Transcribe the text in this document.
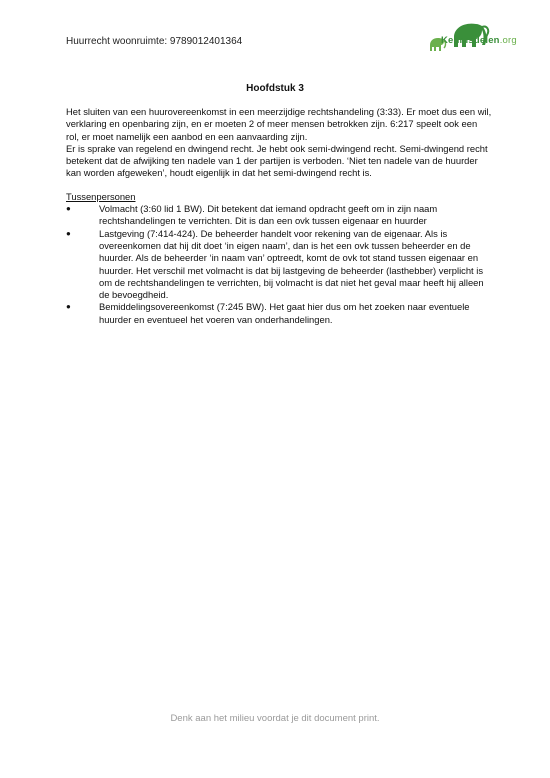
Huurrecht woonruimte: 9789012401364	Kennisdelen.org
Hoofdstuk 3

Het sluiten van een huurovereenkomst in een meerzijdige rechtshandeling (3:33). Er moet dus een wil, verklaring en openbaring zijn, en er moeten 2 of meer mensen betrokken zijn. 6:217 speelt ook een rol, er moet namelijk een aanbod en een aanvaarding zijn.

Er is sprake van regelend en dwingend recht. Je hebt ook semi-dwingend recht. Semi-dwingend recht betekent dat de afwijking ten nadele van 1 der partijen is verboden. ‘Niet ten nadele van de huurder kan worden afgeweken’, houdt eigenlijk in dat het semi-dwingend recht is.

Tussenpersonen

● Volmacht (3:60 lid 1 BW). Dit betekent dat iemand opdracht geeft om in zijn naam rechtshandelingen te verrichten. Dit is dan een ovk tussen eigenaar en huurder
● Lastgeving (7:414-424). De beheerder handelt voor rekening van de eigenaar. Als is overeenkomen dat hij dit doet ‘in eigen naam’, dan is het een ovk tussen beheerder en de huurder. Als de beheerder ‘in naam van’ optreedt, komt de ovk tot stand tussen eigenaar en huurder. Het verschil met volmacht is dat bij lastgeving de beheerder (lasthebber) verplicht is om de rechtshandelingen te verrichten, bij volmacht is dat niet het geval maar heeft hij alleen de bevoegdheid.
● Bemiddelingsovereenkomst (7:245 BW). Het gaat hier dus om het zoeken naar eventuele huurder en eventueel het voeren van onderhandelingen.
Denk aan het milieu voordat je dit document print.
